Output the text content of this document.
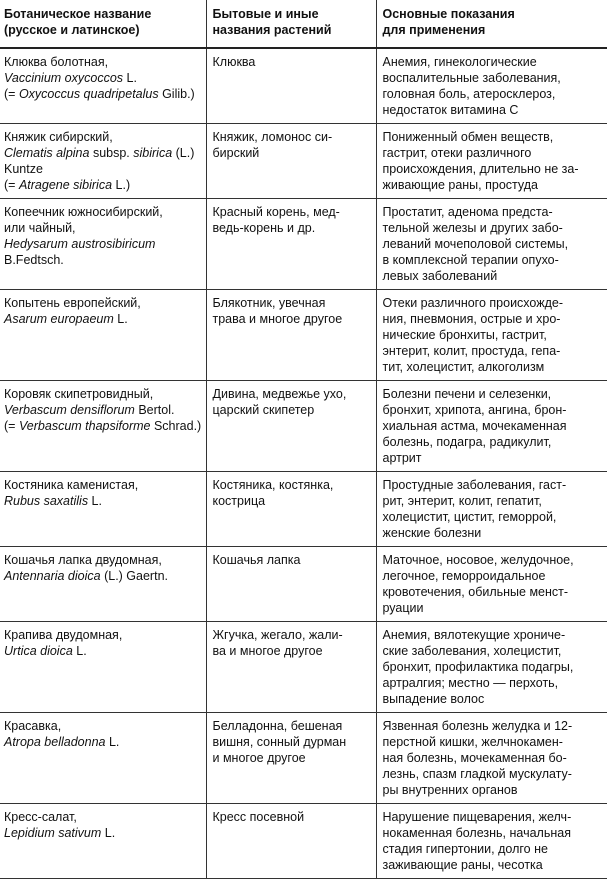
Ботаническое название
(русское и латинское)	Бытовые и иные
названия растений	Основные показания
для применения

Клюква болотная,
Vaccinium oxycoccos L.
(= Oxycoccus quadripetalus Gilib.)	Клюква	Анемия, гинекологические
воспалительные заболевания,
головная боль, атеросклероз,
недостаток витамина С

Княжик сибирский,
Clematis alpina subsp. sibirica (L.) Kuntze
(= Atragene sibirica L.)	Княжик, ломонос си-
бирский	Пониженный обмен веществ,
гастрит, отеки различного
происхождения, длительно не за-
живающие раны, простуда

Копеечник южносибирский,
или чайный,
Hedysarum austrosibiricum B.Fedtsch.	Красный корень, мед-
ведь-корень и др.	Простатит, аденома предста-
тельной железы и других забо-
леваний мочеполовой системы,
в комплексной терапии опухо-
левых заболеваний

Копытень европейский,
Asarum europaeum L.	Блякотник, увечная
трава и многое другое	Отеки различного происхожде-
ния, пневмония, острые и хро-
нические бронхиты, гастрит,
энтерит, колит, простуда, гепа-
тит, холецистит, алкоголизм

Коровяк скипетровидный,
Verbascum densiflorum Bertol.
(= Verbascum thapsiforme Schrad.)	Дивина, медвежье ухо,
царский скипетер	Болезни печени и селезенки,
бронхит, хрипота, ангина, брон-
хиальная астма, мочекаменная
болезнь, подагра, радикулит,
артрит

Костяника каменистая,
Rubus saxatilis L.	Костяника, костянка,
кострица	Простудные заболевания, гаст-
рит, энтерит, колит, гепатит,
холецистит, цистит, геморрой,
женские болезни

Кошачья лапка двудомная,
Antennaria dioica (L.) Gaertn.	Кошачья лапка	Маточное, носовое, желудочное,
легочное, геморроидальное
кровотечения, обильные менст-
руации

Крапива двудомная,
Urtica dioica L.	Жгучка, жегало, жали-
ва и многое другое	Анемия, вялотекущие хрониче-
ские заболевания, холецистит,
бронхит, профилактика подагры,
артралгия; местно — перхоть,
выпадение волос

Красавка,
Atropa belladonna L.	Белладонна, бешеная
вишня, сонный дурман
и многое другое	Язвенная болезнь желудка и 12-
перстной кишки, желчнокамен-
ная болезнь, мочекаменная бо-
лезнь, спазм гладкой мускулату-
ры внутренних органов

Кресс-салат,
Lepidium sativum L.	Кресс посевной	Нарушение пищеварения, желч-
нокаменная болезнь, начальная
стадия гипертонии, долго не
заживающие раны, чесотка
